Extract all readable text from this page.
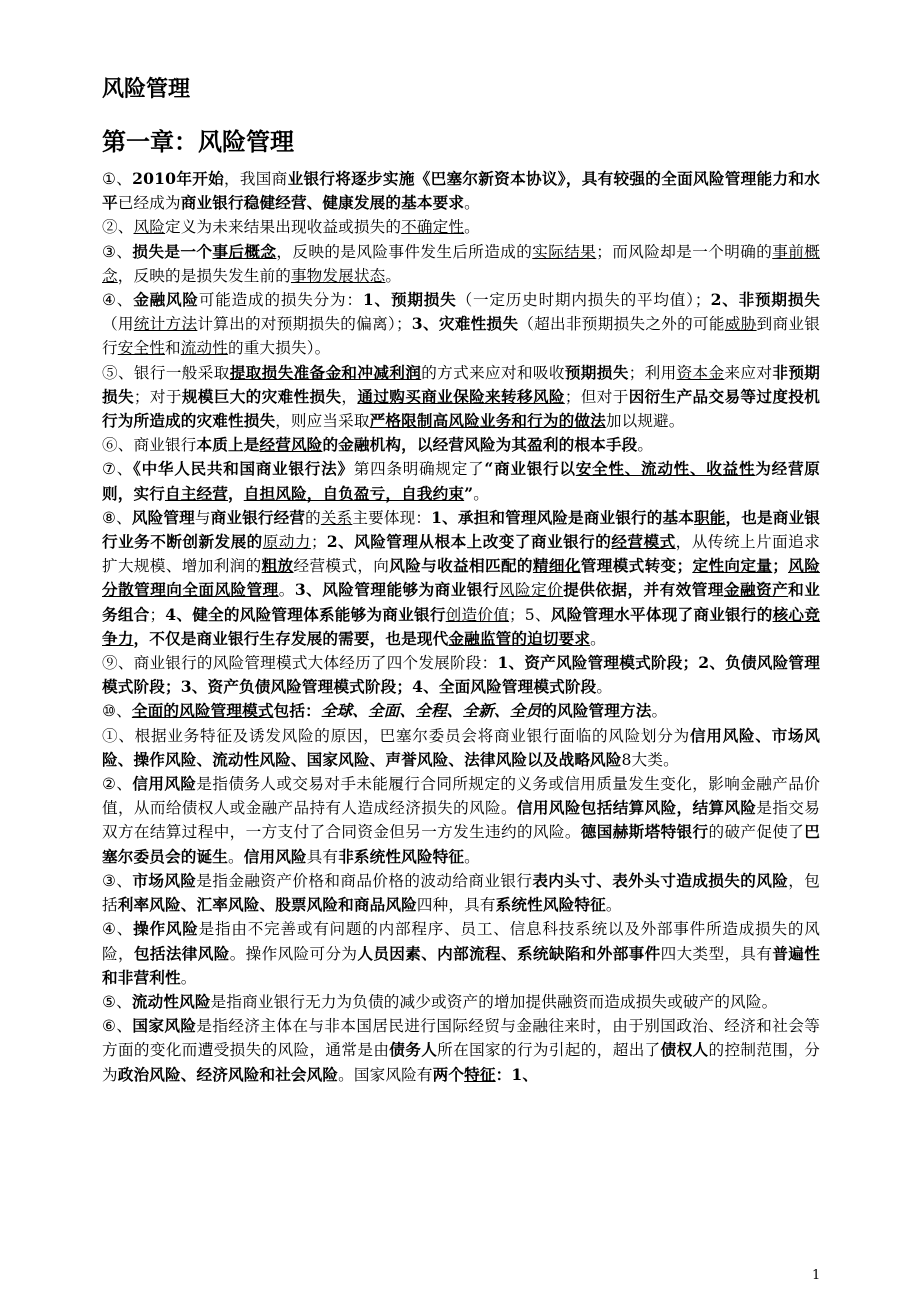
风险管理
第一章：风险管理

①、2010年开始，我国商业银行将逐步实施《巴塞尔新资本协议》，具有较强的全面风险管理能力和水平已经成为商业银行稳健经营、健康发展的基本要求。

②、风险定义为未来结果出现收益或损失的不确定性。

③、损失是一个事后概念，反映的是风险事件发生后所造成的实际结果；而风险却是一个明确的事前概念，反映的是损失发生前的事物发展状态。

④、金融风险可能造成的损失分为：1、预期损失（一定历史时期内损失的平均值）；2、非预期损失（用统计方法计算出的对预期损失的偏离）；3、灾难性损失（超出非预期损失之外的可能威胁到商业银行安全性和流动性的重大损失）。

⑤、银行一般采取提取损失准备金和冲减利润的方式来应对和吸收预期损失；利用资本金来应对非预期损失；对于规模巨大的灾难性损失，通过购买商业保险来转移风险；但对于因衍生产品交易等过度投机行为所造成的灾难性损失，则应当采取严格限制高风险业务和行为的做法加以规避。

⑥、商业银行本质上是经营风险的金融机构，以经营风险为其盈利的根本手段。

⑦、《中华人民共和国商业银行法》第四条明确规定了“商业银行以安全性、流动性、收益性为经营原则，实行自主经营，自担风险，自负盈亏，自我约束”。

⑧、风险管理与商业银行经营的关系主要体现：1、承担和管理风险是商业银行的基本职能，也是商业银行业务不断创新发展的原动力；2、风险管理从根本上改变了商业银行的经营模式，从传统上片面追求扩大规模、增加利润的粗放经营模式，向风险与收益相匹配的精细化管理模式转变；定性向定量；风险分散管理向全面风险管理。3、风险管理能够为商业银行风险定价提供依据，并有效管理金融资产和业务组合；4、健全的风险管理体系能够为商业银行创造价值；5、风险管理水平体现了商业银行的核心竞争力，不仅是商业银行生存发展的需要，也是现代金融监管的迫切要求。

⑨、商业银行的风险管理模式大体经历了四个发展阶段：1、资产风险管理模式阶段；2、负债风险管理模式阶段；3、资产负债风险管理模式阶段；4、全面风险管理模式阶段。

⑩、全面的风险管理模式包括：全球、全面、全程、全新、全员的风险管理方法。

①、根据业务特征及诱发风险的原因，巴塞尔委员会将商业银行面临的风险划分为信用风险、市场风险、操作风险、流动性风险、国家风险、声誉风险、法律风险以及战略风险8大类。

②、信用风险是指债务人或交易对手未能履行合同所规定的义务或信用质量发生变化，影响金融产品价值，从而给债权人或金融产品持有人造成经济损失的风险。信用风险包括结算风险，结算风险是指交易双方在结算过程中，一方支付了合同资金但另一方发生违约的风险。德国赫斯塔特银行的破产促使了巴塞尔委员会的诞生。信用风险具有非系统性风险特征。

③、市场风险是指金融资产价格和商品价格的波动给商业银行表内头寸、表外头寸造成损失的风险，包括利率风险、汇率风险、股票风险和商品风险四种，具有系统性风险特征。

④、操作风险是指由不完善或有问题的内部程序、员工、信息科技系统以及外部事件所造成损失的风险，包括法律风险。操作风险可分为人员因素、内部流程、系统缺陷和外部事件四大类型，具有普遍性和非营利性。

⑤、流动性风险是指商业银行无力为负债的减少或资产的增加提供融资而造成损失或破产的风险。

⑥、国家风险是指经济主体在与非本国居民进行国际经贸与金融往来时，由于别国政治、经济和社会等方面的变化而遭受损失的风险，通常是由债务人所在国家的行为引起的，超出了债权人的控制范围，分为政治风险、经济风险和社会风险。国家风险有两个特征：1、

1
